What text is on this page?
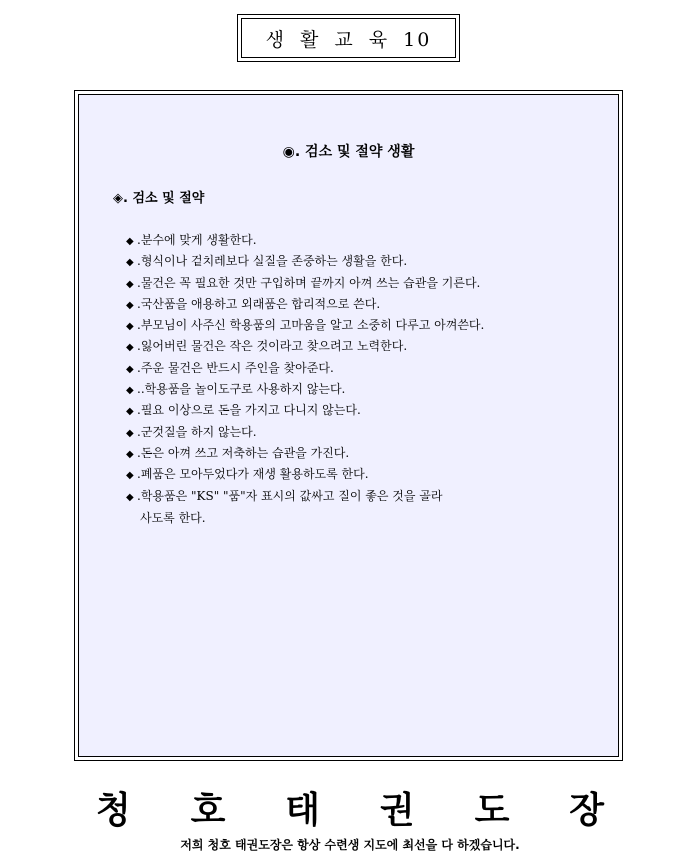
생 활 교 육 10
◉. 검소 및 절약 생활
◈. 검소 및 절약
◆ .분수에 맞게 생활한다.
◆ .형식이나 겉치레보다 실질을 존중하는 생활을 한다.
◆ .물건은 꼭 필요한 것만 구입하며 끝까지 아껴 쓰는 습관을 기른다.
◆ .국산품을 애용하고 외래품은 합리적으로 쓴다.
◆ .부모님이 사주신 학용품의 고마움을 알고 소중히 다루고 아껴쓴다.
◆ .잃어버린 물건은 작은 것이라고 찾으려고 노력한다.
◆ .주운 물건은 반드시 주인을 찾아준다.
◆ ..학용품을 놀이도구로 사용하지 않는다.
◆ .필요 이상으로 돈을 가지고 다니지 않는다.
◆ .군것질을 하지 않는다.
◆ .돈은 아껴 쓰고 저축하는 습관을 가진다.
◆ .폐품은 모아두었다가 재생 활용하도록 한다.
◆ .학용품은 "KS" "품"자 표시의 값싸고 질이 좋은 것을 골라
사도록 한다.
청 호 태 권 도 장
저희 청호 태권도장은 항상 수련생 지도에 최선을 다 하겠습니다.
